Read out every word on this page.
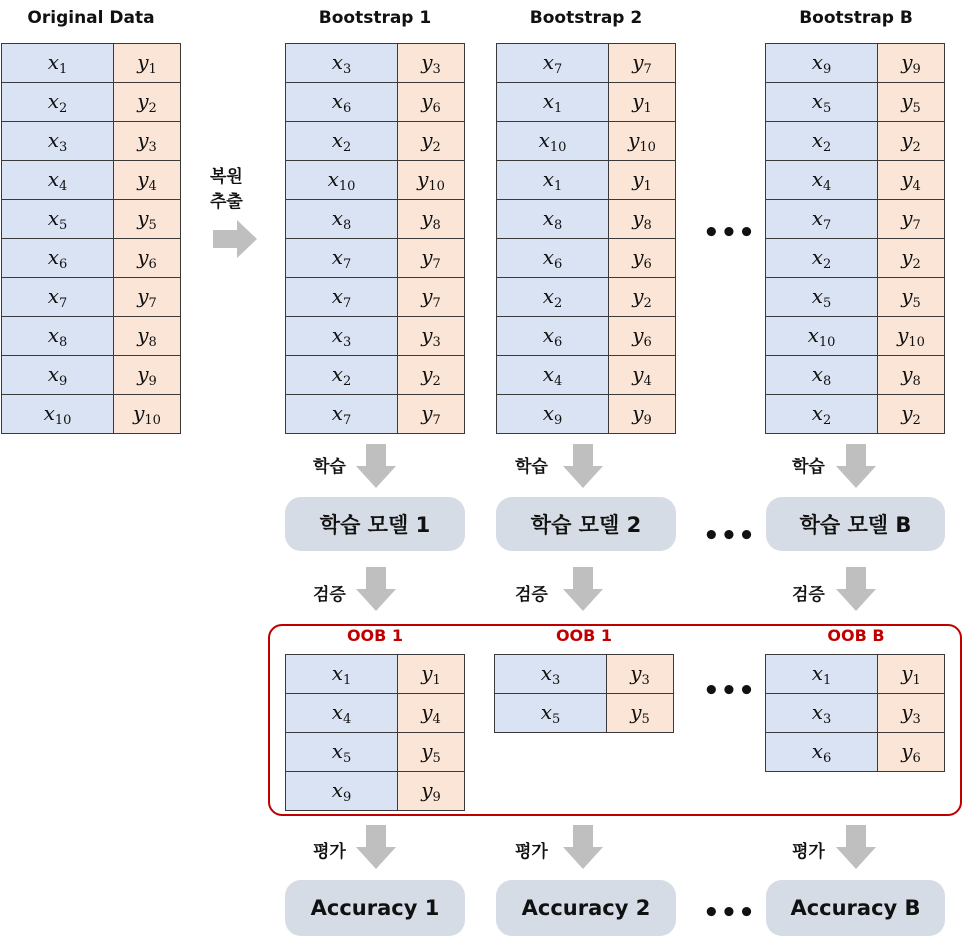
Original Data	Bootstrap 1	Bootstrap 2	Bootstrap B
$x_1$	$y_1$
$x_2$	$y_2$
$x_3$	$y_3$
$x_4$	$y_4$
$x_5$	$y_5$
$x_6$	$y_6$
$x_7$	$y_7$
$x_8$	$y_8$
$x_9$	$y_9$
$x_{10}$	$y_{10}$
$x_3$	$y_3$
$x_6$	$y_6$
$x_2$	$y_2$
$x_{10}$	$y_{10}$
$x_8$	$y_8$
$x_7$	$y_7$
$x_7$	$y_7$
$x_3$	$y_3$
$x_2$	$y_2$
$x_7$	$y_7$
$x_7$	$y_7$
$x_1$	$y_1$
$x_{10}$	$y_{10}$
$x_1$	$y_1$
$x_8$	$y_8$
$x_6$	$y_6$
$x_2$	$y_2$
$x_6$	$y_6$
$x_4$	$y_4$
$x_9$	$y_9$
$x_9$	$y_9$
$x_5$	$y_5$
$x_2$	$y_2$
$x_4$	$y_4$
$x_7$	$y_7$
$x_2$	$y_2$
$x_5$	$y_5$
$x_{10}$	$y_{10}$
$x_8$	$y_8$
$x_2$	$y_2$
복원
추출
•••
학습	학습	학습
학습 모델 1	학습 모델 2	학습 모델 B
•••
검증	검증	검증
OOB 1	OOB 1	OOB B
$x_1$	$y_1$
$x_4$	$y_4$
$x_5$	$y_5$
$x_9$	$y_9$
$x_3$	$y_3$
$x_5$	$y_5$
$x_1$	$y_1$
$x_3$	$y_3$
$x_6$	$y_6$
•••
평가	평가	평가
Accuracy 1	Accuracy 2	Accuracy B
•••
